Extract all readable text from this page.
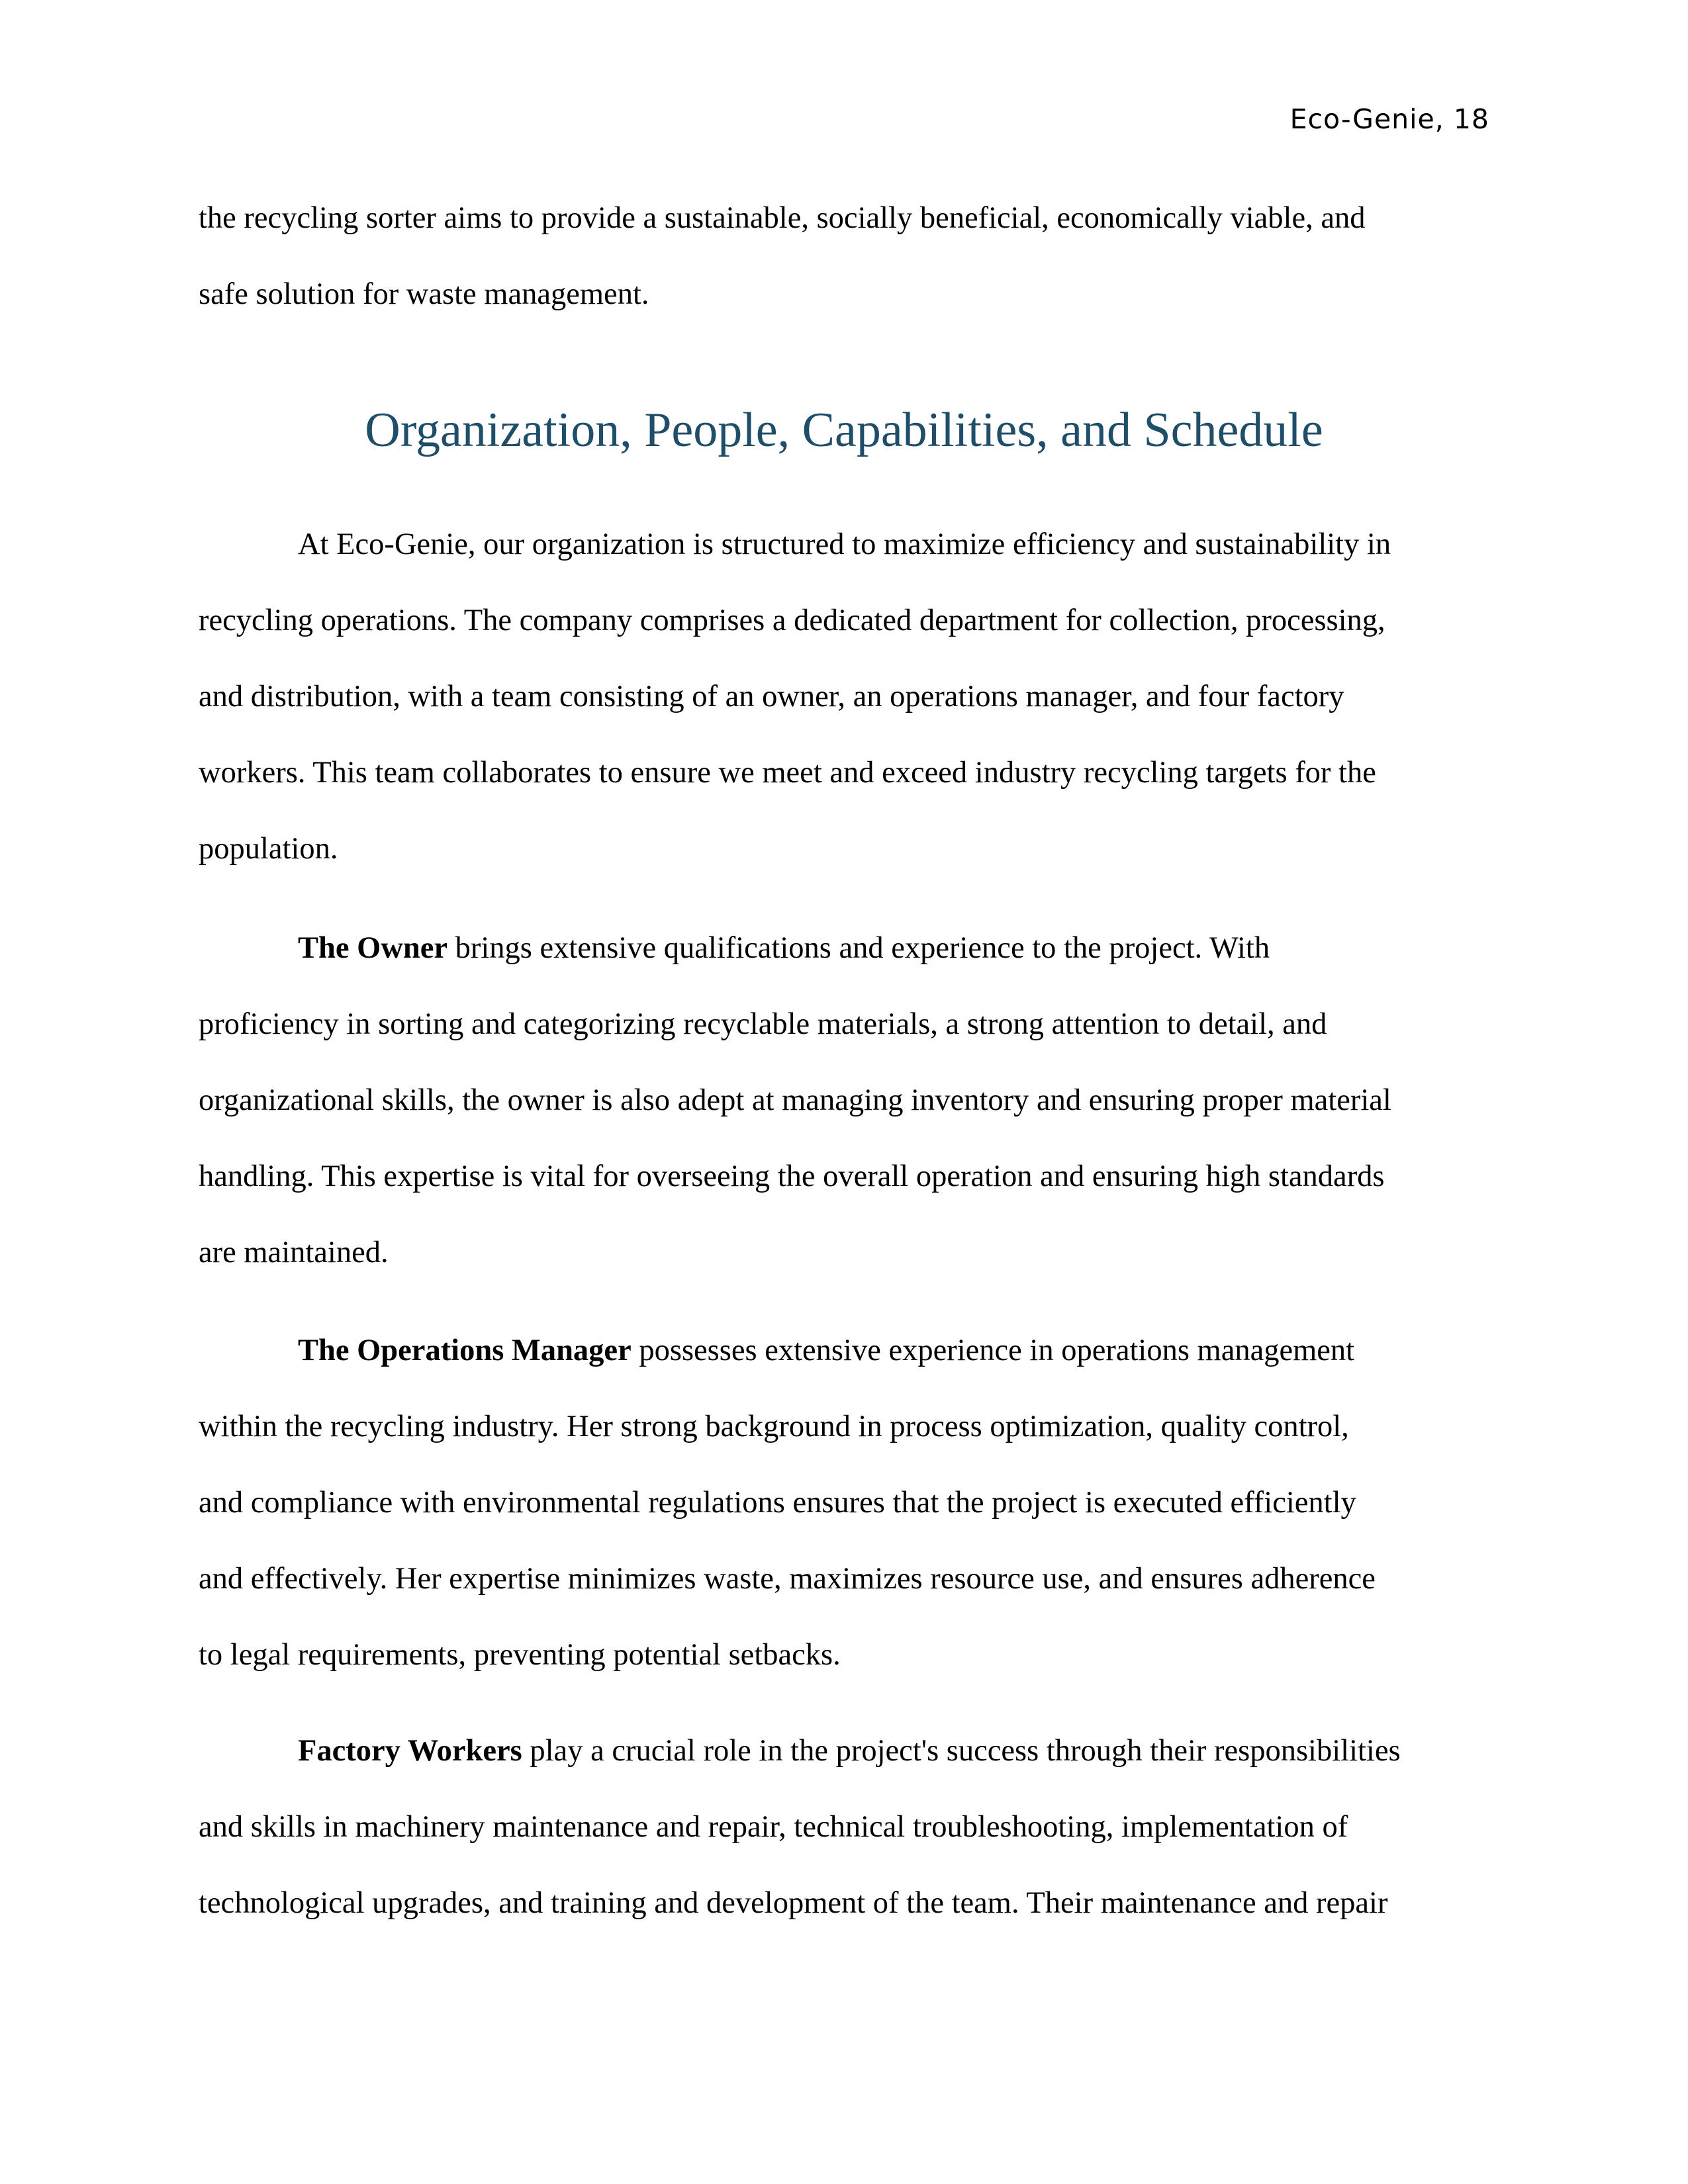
Eco-Genie, 18
the recycling sorter aims to provide a sustainable, socially beneficial, economically viable, and
safe solution for waste management.
Organization, People, Capabilities, and Schedule
At Eco-Genie, our organization is structured to maximize efficiency and sustainability in
recycling operations. The company comprises a dedicated department for collection, processing,
and distribution, with a team consisting of an owner, an operations manager, and four factory
workers. This team collaborates to ensure we meet and exceed industry recycling targets for the
population.
The Owner brings extensive qualifications and experience to the project. With
proficiency in sorting and categorizing recyclable materials, a strong attention to detail, and
organizational skills, the owner is also adept at managing inventory and ensuring proper material
handling. This expertise is vital for overseeing the overall operation and ensuring high standards
are maintained.
The Operations Manager possesses extensive experience in operations management
within the recycling industry. Her strong background in process optimization, quality control,
and compliance with environmental regulations ensures that the project is executed efficiently
and effectively. Her expertise minimizes waste, maximizes resource use, and ensures adherence
to legal requirements, preventing potential setbacks.
Factory Workers play a crucial role in the project's success through their responsibilities
and skills in machinery maintenance and repair, technical troubleshooting, implementation of
technological upgrades, and training and development of the team. Their maintenance and repair
